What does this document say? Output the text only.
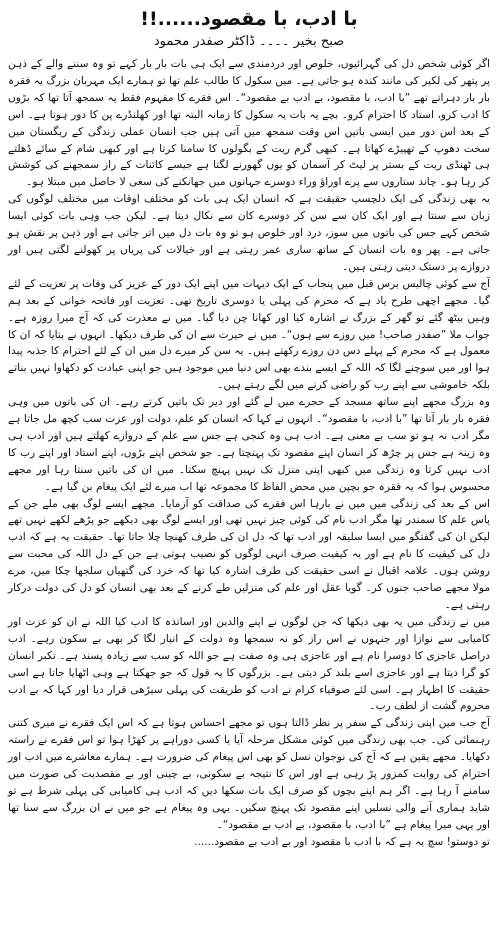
با ادب، با مقصود......!!
صبح بخیر ۔۔۔۔ ڈاکٹر صفدر محمود

اگر کوئی شخص دل کی گہرائیوں، خلوص اور دردمندی سے ایک ہی بات بار بار کہے تو وہ سننے والے کے ذہن پر پتھر کی لکیر کی مانند کندہ ہو جاتی ہے۔ میں سکول کا طالب علم تھا تو ہمارے ایک مہربان بزرگ یہ فقرہ بار بار دہراتے تھے ”با ادب، با مقصود، بے ادب بے مقصود“۔ اس فقرے کا مفہوم فقط یہ سمجھ آتا تھا کہ بڑوں کا ادب کرو، استاد کا احترام کرو۔ بچے یہ بات یہ سکول کا زمانہ البتہ تھا اور کھلنڈرے پن کا دور ہوتا ہے۔ اس کے بعد اس دور میں ایسی باتیں اس وقت سمجھ میں آتی ہیں جب انسان عملی زندگی کے ریگستان میں سخت دھوپ کے تھپیڑے کھاتا ہے۔ کبھی گرم ریت کے بگولوں کا سامنا کرتا ہے اور کبھی شام کے سائے ڈھلتے ہی ٹھنڈی ریت کے بستر پر لیٹ کر آسمان کو یوں گھورنے لگتا ہے جیسے کائنات کے راز سمجھنے کی کوشش کر رہا ہو۔ چاند ستاروں سے پرے اوراؤ وراء دوسرے جہانوں میں جھانکنے کی سعی لا حاصل میں مبتلا ہو۔

یہ بھی زندگی کی ایک دلچسپ حقیقت ہے کہ انسان ایک ہی بات کو مختلف اوقات میں مختلف لوگوں کی زبان سے سنتا ہے اور ایک کان سے سن کر دوسرے کان سے نکال دیتا ہے۔ لیکن جب وہی بات کوئی ایسا شخص کہے جس کی باتوں میں سوز، درد اور خلوص ہو تو وہ بات دل میں اتر جاتی ہے اور ذہن پر نقش ہو جاتی ہے۔ پھر وہ بات انسان کے ساتھ ساری عمر رہتی ہے اور خیالات کی پریاں پر کھولنے لگتی ہیں اور دروازے پر دستک دیتی رہتی ہیں۔

آج سے کوئی چالیس برس قبل میں پنجاب کے ایک دیہات میں اپنے ایک دور کے عزیز کی وفات پر تعزیت کے لئے گیا۔ مجھے اچھی طرح یاد ہے کہ محرم کی پہلی یا دوسری تاریخ تھی۔ تعزیت اور فاتحہ خوانی کے بعد ہم وہیں بیٹھ گئے تو گھر کے بزرگ نے اشارہ کیا اور کھانا چن دیا گیا۔ میں نے معذرت کی کہ آج میرا روزہ ہے۔ جواب ملا ”صفدر صاحب! میں روزے سے ہوں“۔ میں نے حیرت سے ان کی طرف دیکھا۔ انہوں نے بتایا کہ ان کا معمول ہے کہ محرم کے پہلے دس دن روزے رکھتے ہیں۔ یہ سن کر میرے دل میں ان کے لئے احترام کا جذبہ پیدا ہوا اور میں سوچنے لگا کہ اللہ کے ایسے بندے بھی اس دنیا میں موجود ہیں جو اپنی عبادت کو دکھاوا نہیں بناتے بلکہ خاموشی سے اپنے رب کو راضی کرنے میں لگے رہتے ہیں۔

وہ بزرگ مجھے اپنے ساتھ مسجد کے حجرے میں لے گئے اور دیر تک باتیں کرتے رہے۔ ان کی باتوں میں وہی فقرہ بار بار آتا تھا ”با ادب، با مقصود“۔ انہوں نے کہا کہ انسان کو علم، دولت اور عزت سب کچھ مل جاتا ہے مگر ادب نہ ہو تو سب بے معنی ہے۔ ادب ہی وہ کنجی ہے جس سے علم کے دروازے کھلتے ہیں اور ادب ہی وہ زینہ ہے جس پر چڑھ کر انسان اپنے مقصود تک پہنچتا ہے۔ جو شخص اپنے بڑوں، اپنے استاد اور اپنے رب کا ادب نہیں کرتا وہ زندگی میں کبھی اپنی منزل تک نہیں پہنچ سکتا۔ میں ان کی باتیں سنتا رہا اور مجھے محسوس ہوا کہ یہ فقرہ جو بچپن میں محض الفاظ کا مجموعہ تھا اب میرے لئے ایک پیغام بن گیا ہے۔

اس کے بعد کی زندگی میں میں نے بارہا اس فقرے کی صداقت کو آزمایا۔ مجھے ایسے لوگ بھی ملے جن کے پاس علم کا سمندر تھا مگر ادب نام کی کوئی چیز نہیں تھی اور ایسے لوگ بھی دیکھے جو پڑھے لکھے نہیں تھے لیکن ان کی گفتگو میں ایسا سلیقہ اور ادب تھا کہ دل ان کی طرف کھنچا چلا جاتا تھا۔ حقیقت یہ ہے کہ ادب دل کی کیفیت کا نام ہے اور یہ کیفیت صرف انہی لوگوں کو نصیب ہوتی ہے جن کے دل اللہ کی محبت سے روشن ہوں۔ علامہ اقبال نے اسی حقیقت کی طرف اشارہ کیا تھا کہ خرد کی گتھیاں سلجھا چکا میں، مرے مولا مجھے صاحب جنوں کر۔ گویا عقل اور علم کی منزلیں طے کرنے کے بعد بھی انسان کو دل کی دولت درکار رہتی ہے۔

میں نے زندگی میں یہ بھی دیکھا کہ جن لوگوں نے اپنے والدین اور اساتذہ کا ادب کیا اللہ نے ان کو عزت اور کامیابی سے نوازا اور جنہوں نے اس راز کو نہ سمجھا وہ دولت کے انبار لگا کر بھی بے سکون رہے۔ ادب دراصل عاجزی کا دوسرا نام ہے اور عاجزی ہی وہ صفت ہے جو اللہ کو سب سے زیادہ پسند ہے۔ تکبر انسان کو گرا دیتا ہے اور عاجزی اسے بلند کر دیتی ہے۔ بزرگوں کا یہ قول کہ جو جھکتا ہے وہی اٹھایا جاتا ہے اسی حقیقت کا اظہار ہے۔ اسی لئے صوفیاء کرام نے ادب کو طریقت کی پہلی سیڑھی قرار دیا اور کہا کہ بے ادب محروم گشت از لطف رب۔

آج جب میں اپنی زندگی کے سفر پر نظر ڈالتا ہوں تو مجھے احساس ہوتا ہے کہ اس ایک فقرے نے میری کتنی رہنمائی کی۔ جب بھی زندگی میں کوئی مشکل مرحلہ آیا یا کسی دوراہے پر کھڑا ہوا تو اس فقرے نے راستہ دکھایا۔ مجھے یقین ہے کہ آج کی نوجوان نسل کو بھی اس پیغام کی ضرورت ہے۔ ہمارے معاشرے میں ادب اور احترام کی روایت کمزور پڑ رہی ہے اور اس کا نتیجہ بے سکونی، بے چینی اور بے مقصدیت کی صورت میں سامنے آ رہا ہے۔ اگر ہم اپنے بچوں کو صرف ایک بات سکھا دیں کہ ادب ہی کامیابی کی پہلی شرط ہے تو شاید ہماری آنے والی نسلیں اپنے مقصود تک پہنچ سکیں۔ یہی وہ پیغام ہے جو میں نے ان بزرگ سے سنا تھا اور یہی میرا پیغام ہے ”با ادب، با مقصود، بے ادب بے مقصود“۔

تو دوستو! سچ یہ ہے کہ با ادب با مقصود اور بے ادب بے مقصود......
